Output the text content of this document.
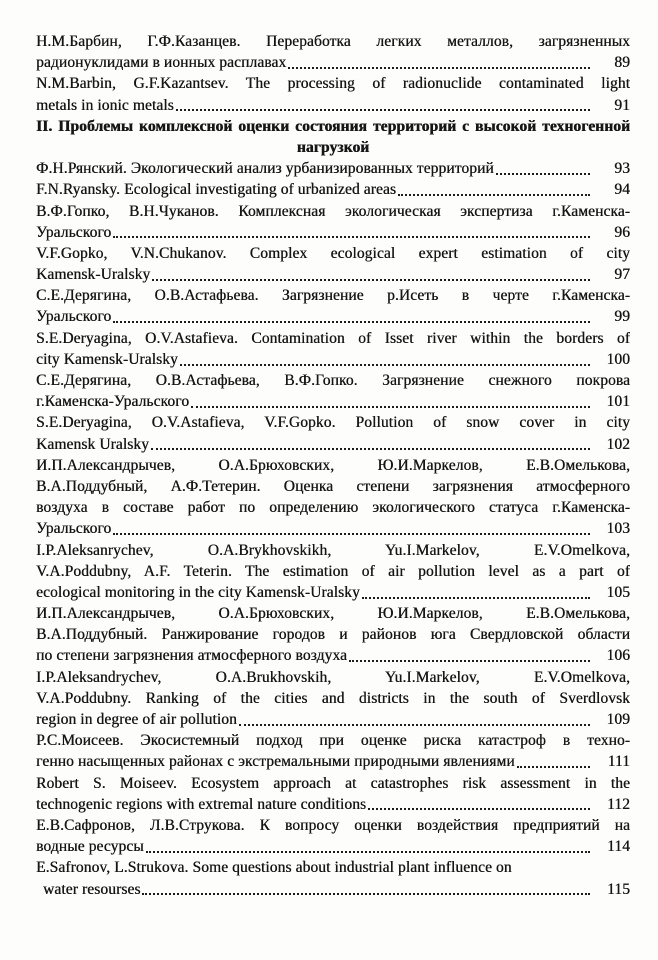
Н.М.Барбин, Г.Ф.Казанцев. Переработка легких металлов, загрязненных
радионуклидами в ионных расплавах	89
N.M.Barbin, G.F.Kazantsev. The processing of radionuclide contaminated light
metals in ionic metals	91
II. Проблемы комплексной оценки состояния территорий с высокой техногенной
нагрузкой
Ф.Н.Рянский. Экологический анализ урбанизированных территорий	93
F.N.Ryansky. Ecological investigating of urbanized areas	94
В.Ф.Гопко, В.Н.Чуканов. Комплексная экологическая экспертиза г.Каменска-
Уральского	96
V.F.Gopko, V.N.Chukanov. Complex ecological expert estimation of city
Kamensk-Uralsky	97
С.Е.Дерягина, О.В.Астафьева. Загрязнение р.Исеть в черте г.Каменска-
Уральского	99
S.E.Deryagina, O.V.Astafieva. Contamination of Isset river within the borders of
city Kamensk-Uralsky	100
С.Е.Дерягина, О.В.Астафьева, В.Ф.Гопко. Загрязнение снежного покрова
г.Каменска-Уральского	101
S.E.Deryagina, O.V.Astafieva, V.F.Gopko. Pollution of snow cover in city
Kamensk Uralsky	102
И.П.Александрычев, О.А.Брюховских, Ю.И.Маркелов, Е.В.Омелькова,
В.А.Поддубный, А.Ф.Тетерин. Оценка степени загрязнения атмосферного
воздуха в составе работ по определению экологического статуса г.Каменска-
Уральского	103
I.P.Aleksanrychev, O.A.Brykhovskikh, Yu.I.Markelov, E.V.Omelkova,
V.A.Poddubny, A.F. Teterin. The estimation of air pollution level as a part of
ecological monitoring in the city Kamensk-Uralsky	105
И.П.Александрычев, О.А.Брюховских, Ю.И.Маркелов, Е.В.Омелькова,
В.А.Поддубный. Ранжирование городов и районов юга Свердловской области
по степени загрязнения атмосферного воздуха	106
I.P.Aleksandrychev, O.A.Brukhovskih, Yu.I.Markelov, E.V.Omelkova,
V.A.Poddubny. Ranking of the cities and districts in the south of Sverdlovsk
region in degree of air pollution	109
Р.С.Моисеев. Экосистемный подход при оценке риска катастроф в техно-
генно насыщенных районах с экстремальными природными явлениями	111
Robert S. Moiseev. Ecosystem approach at catastrophes risk assessment in the
technogenic regions with extremal nature conditions	112
Е.В.Сафронов, Л.В.Струкова. К вопросу оценки воздействия предприятий на
водные ресурсы	114
E.Safronov, L.Strukova. Some questions about industrial plant influence on
water resourses	115
